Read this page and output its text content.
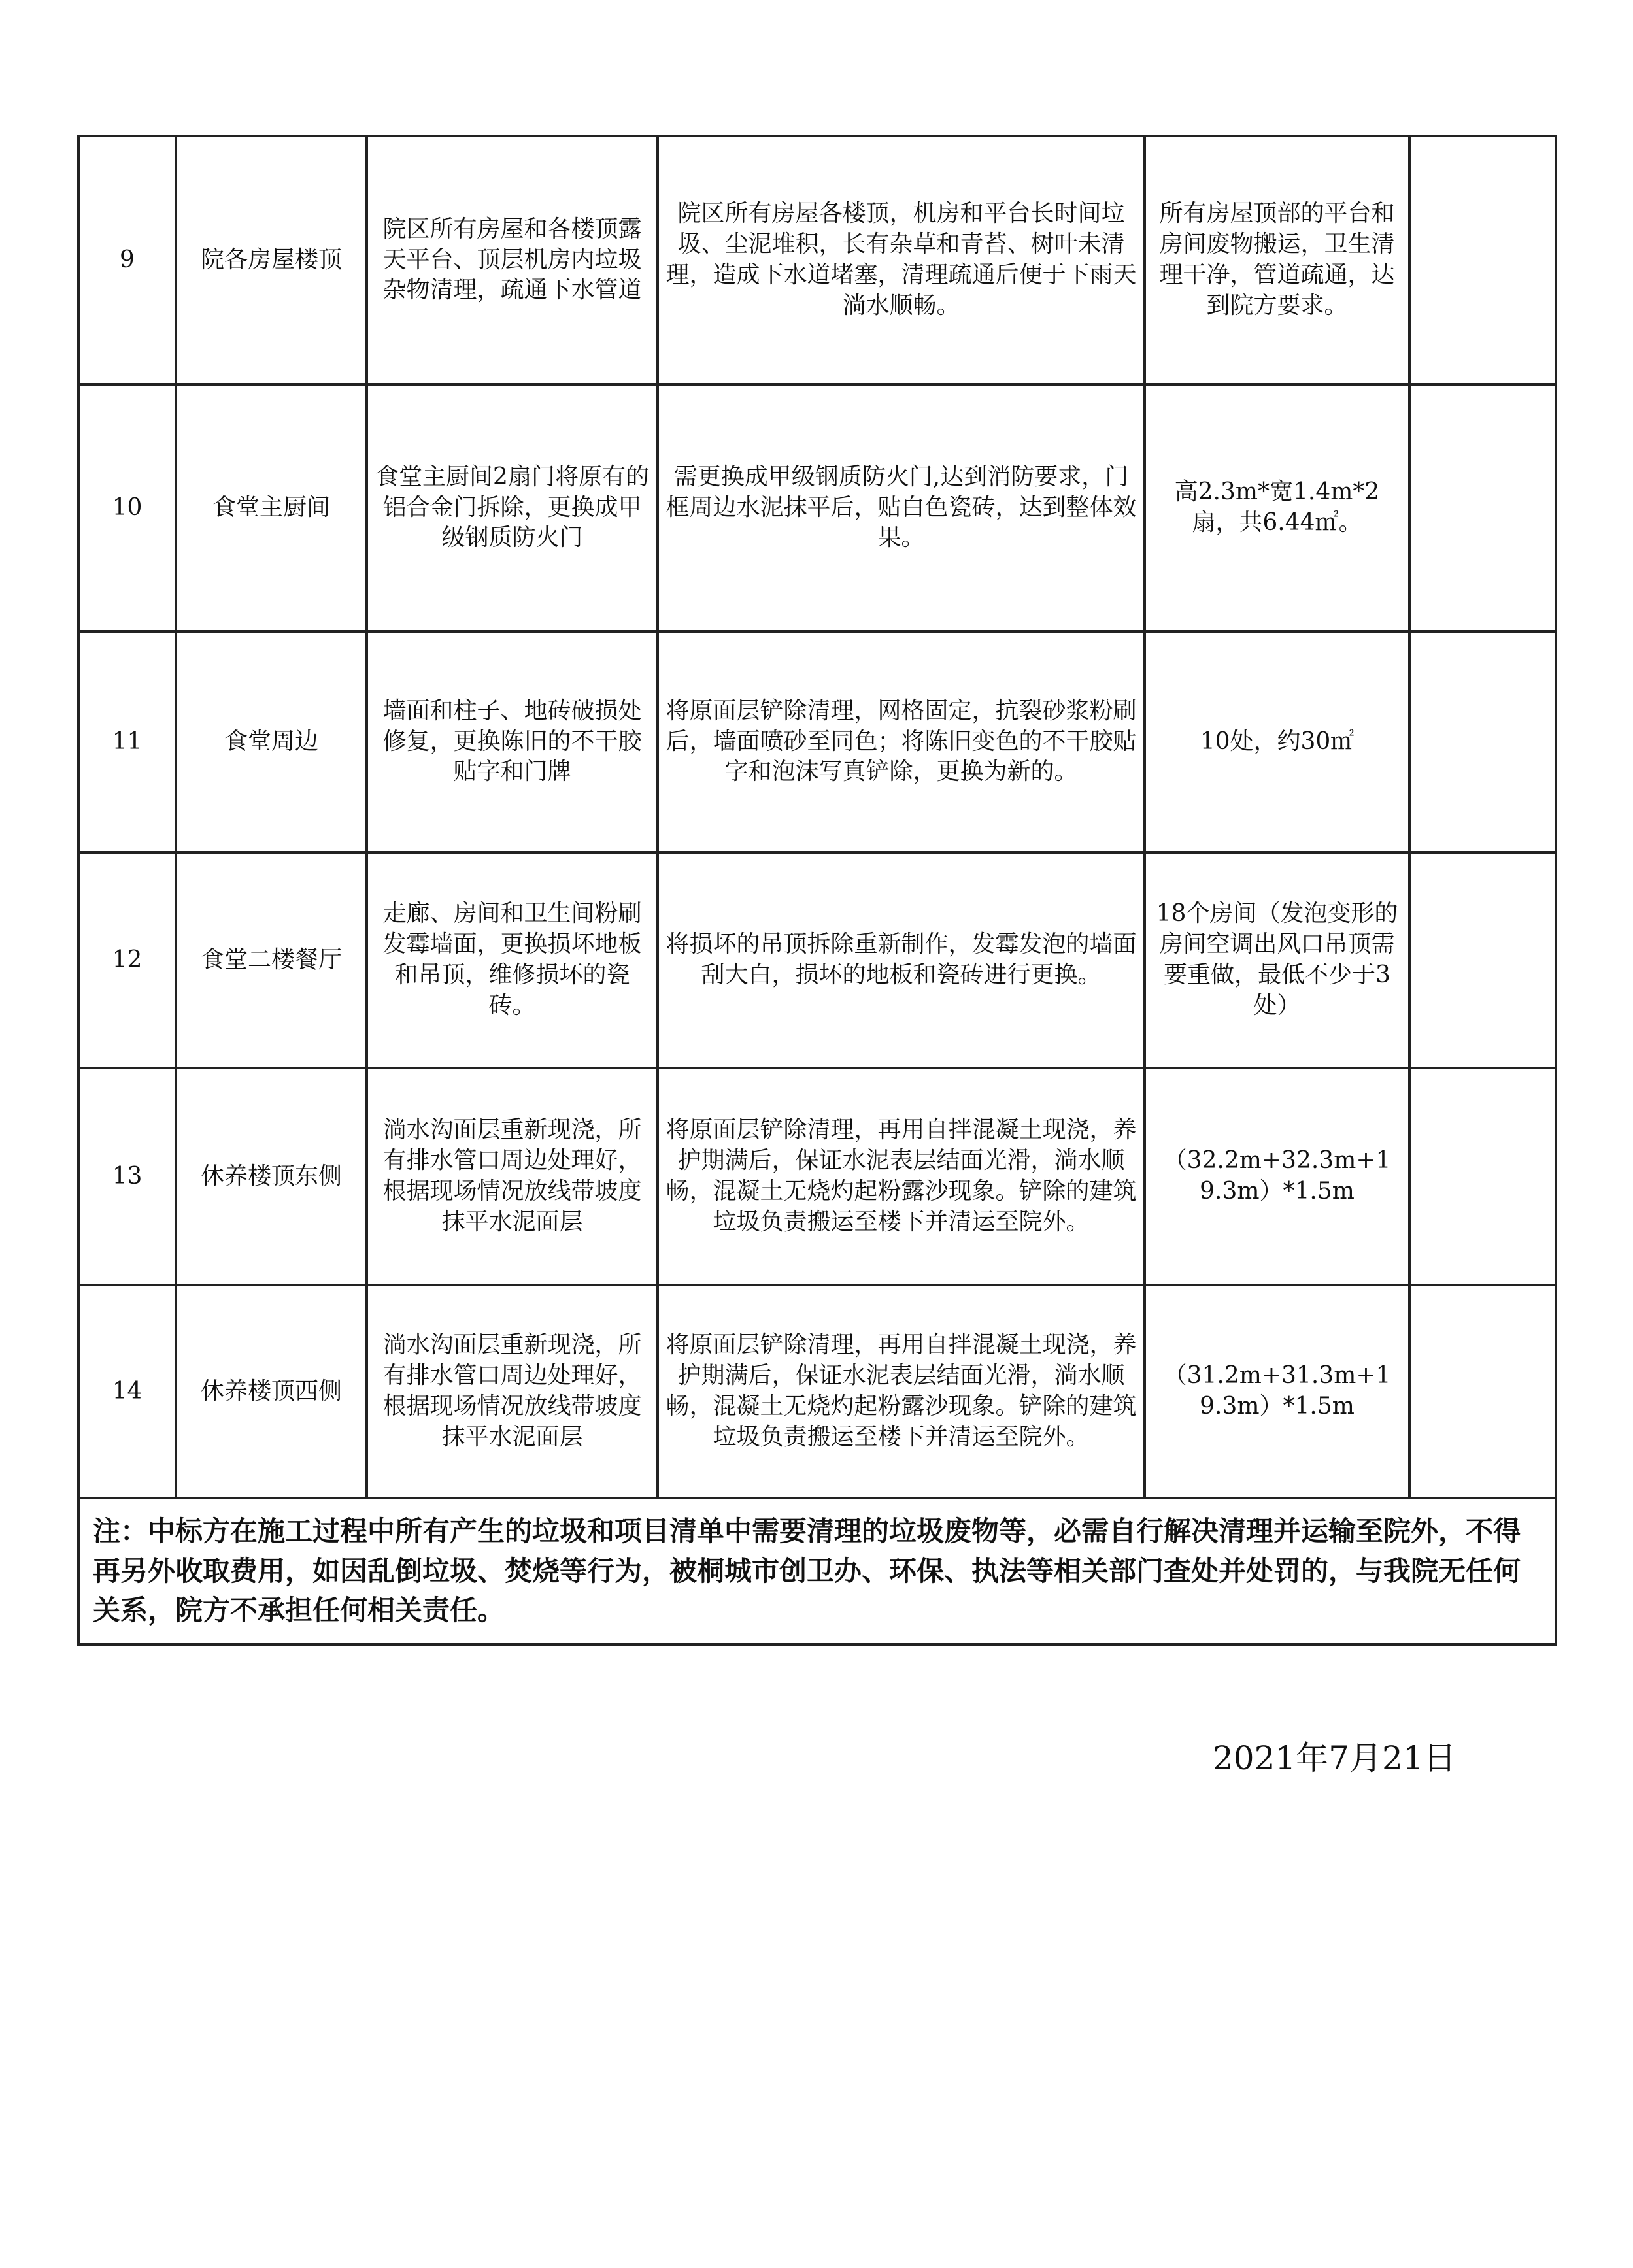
9	院各房屋楼顶	院区所有房屋和各楼顶露天平台、顶层机房内垃圾杂物清理，疏通下水管道	院区所有房屋各楼顶，机房和平台长时间垃圾、尘泥堆积，长有杂草和青苔、树叶未清理，造成下水道堵塞，清理疏通后便于下雨天淌水顺畅。	所有房屋顶部的平台和房间废物搬运，卫生清理干净，管道疏通，达到院方要求。	
10	食堂主厨间	食堂主厨间2扇门将原有的铝合金门拆除，更换成甲级钢质防火门	需更换成甲级钢质防火门,达到消防要求，门框周边水泥抹平后，贴白色瓷砖，达到整体效果。	高2.3m*宽1.4m*2扇，共6.44㎡。	
11	食堂周边	墙面和柱子、地砖破损处修复，更换陈旧的不干胶贴字和门牌	将原面层铲除清理，网格固定，抗裂砂浆粉刷后，墙面喷砂至同色；将陈旧变色的不干胶贴字和泡沫写真铲除，更换为新的。	10处，约30㎡	
12	食堂二楼餐厅	走廊、房间和卫生间粉刷发霉墙面，更换损坏地板和吊顶，维修损坏的瓷砖。	将损坏的吊顶拆除重新制作，发霉发泡的墙面刮大白，损坏的地板和瓷砖进行更换。	18个房间（发泡变形的房间空调出风口吊顶需要重做，最低不少于3处）	
13	休养楼顶东侧	淌水沟面层重新现浇，所有排水管口周边处理好，根据现场情况放线带坡度抹平水泥面层	将原面层铲除清理，再用自拌混凝土现浇，养护期满后，保证水泥表层结面光滑，淌水顺畅，混凝土无烧灼起粉露沙现象。铲除的建筑垃圾负责搬运至楼下并清运至院外。	（32.2m+32.3m+19.3m）*1.5m	
14	休养楼顶西侧	淌水沟面层重新现浇，所有排水管口周边处理好，根据现场情况放线带坡度抹平水泥面层	将原面层铲除清理，再用自拌混凝土现浇，养护期满后，保证水泥表层结面光滑，淌水顺畅，混凝土无烧灼起粉露沙现象。铲除的建筑垃圾负责搬运至楼下并清运至院外。	（31.2m+31.3m+19.3m）*1.5m	
注：中标方在施工过程中所有产生的垃圾和项目清单中需要清理的垃圾废物等，必需自行解决清理并运输至院外，不得再另外收取费用，如因乱倒垃圾、焚烧等行为，被桐城市创卫办、环保、执法等相关部门查处并处罚的，与我院无任何关系，院方不承担任何相关责任。					
2021年7月21日
